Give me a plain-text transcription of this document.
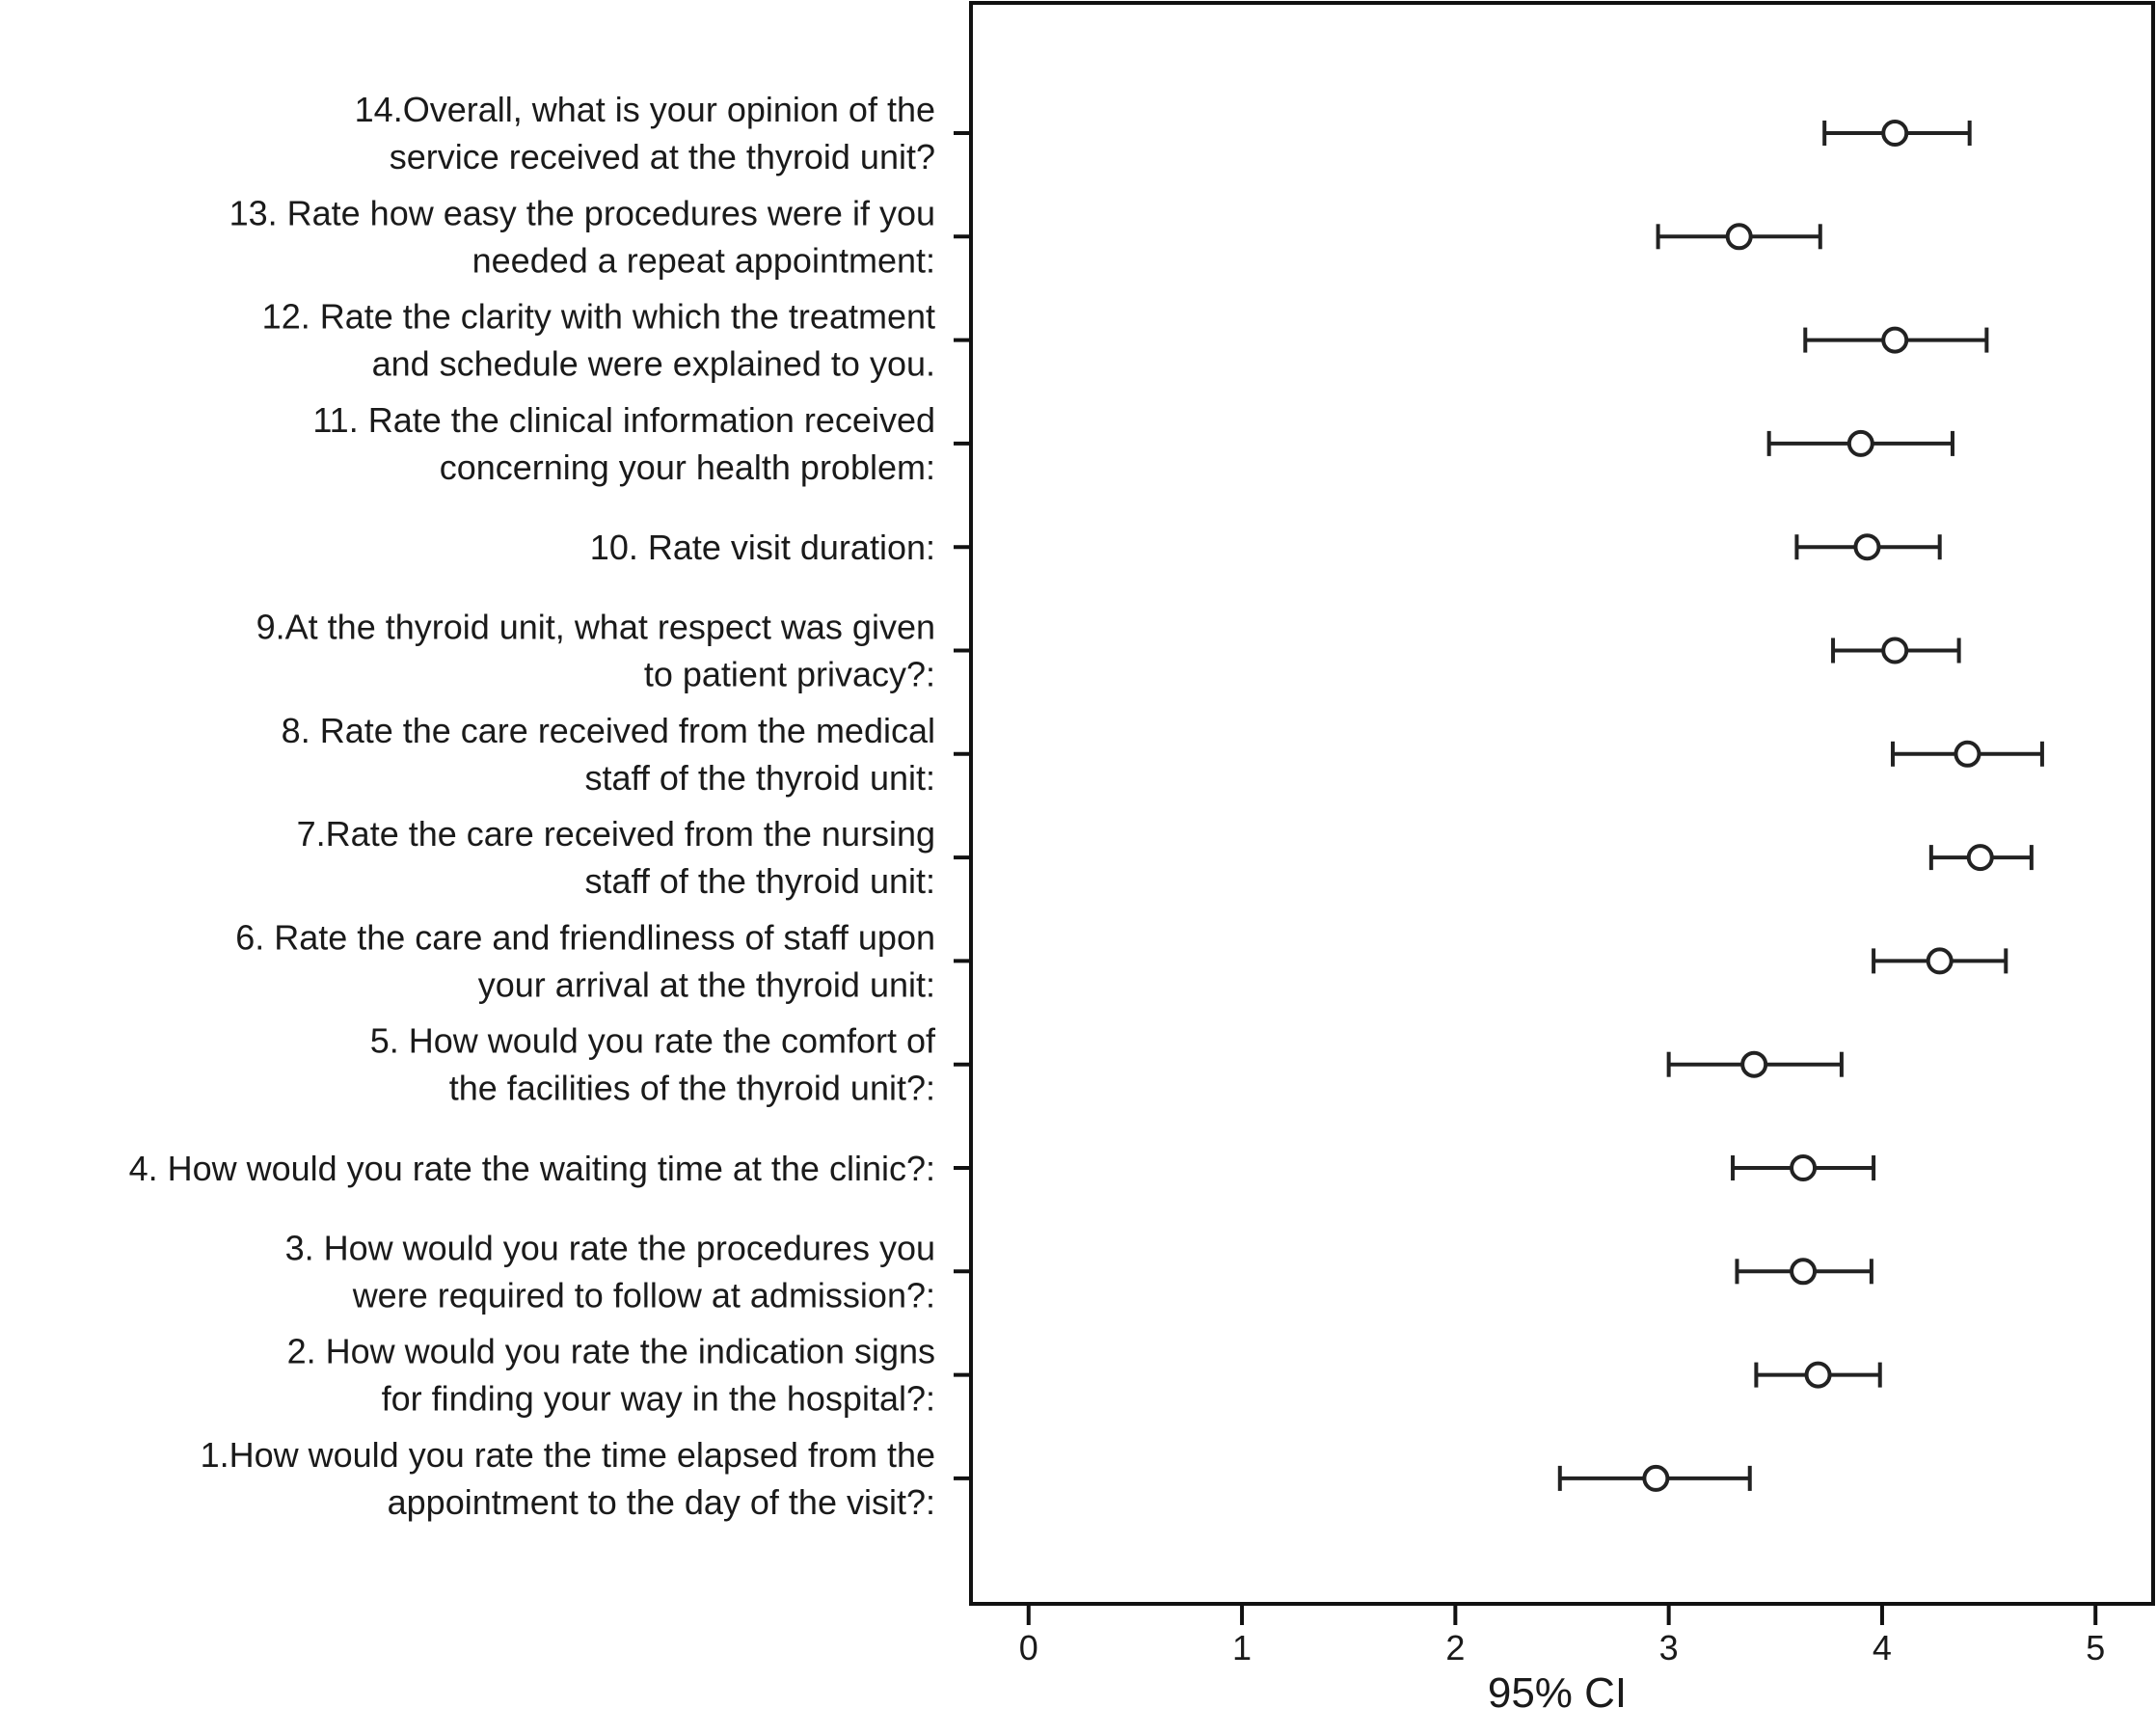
14.Overall, what is your opinion of the
service received at the thyroid unit?
13. Rate how easy the procedures were if you
needed a repeat appointment:
12. Rate the clarity with which the treatment
and schedule were explained to you.
11. Rate the clinical information received
concerning your health problem:
10. Rate visit duration:
9.At the thyroid unit, what respect was given
to patient privacy?:
8. Rate the care received from the medical
staff of the thyroid unit:
7.Rate the care received from the nursing
staff of the thyroid unit:
6. Rate the care and friendliness of staff upon
your arrival at the thyroid unit:
5. How would you rate the comfort of
the facilities of the thyroid unit?:
4. How would you rate the waiting time at the clinic?:
3. How would you rate the procedures you
were required to follow at admission?:
2. How would you rate the indication signs
for finding your way in the hospital?:
1.How would you rate the time elapsed from the
appointment to the day of the visit?:
0	1	2	3	4	5
95% CI
